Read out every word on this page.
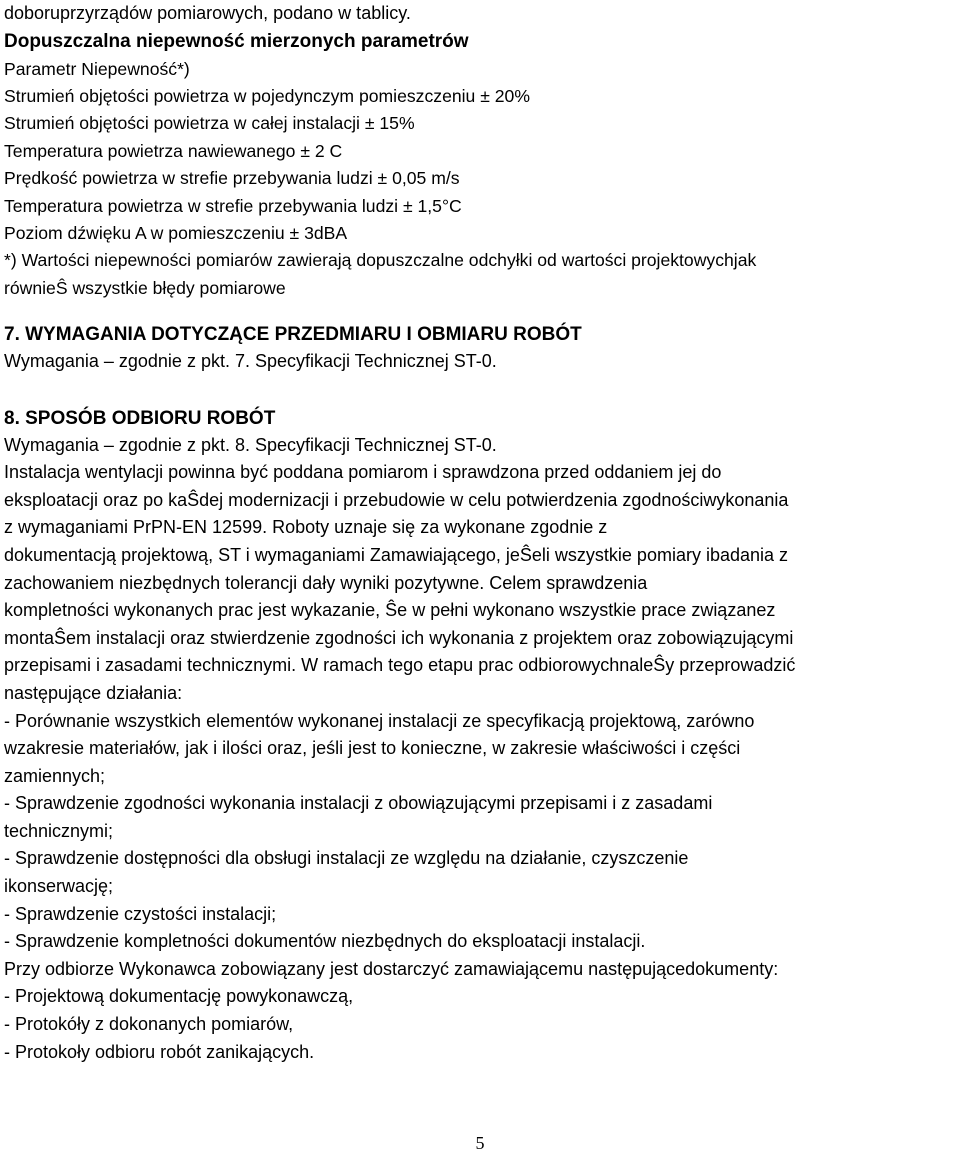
doboruprzyrządów pomiarowych, podano w tablicy.
Dopuszczalna niepewność mierzonych parametrów
Parametr Niepewność*)
Strumień objętości powietrza w pojedynczym pomieszczeniu ± 20%
Strumień objętości powietrza w całej instalacji ± 15%
Temperatura powietrza nawiewanego ± 2 C
Prędkość powietrza w strefie przebywania ludzi ± 0,05 m/s
Temperatura powietrza w strefie przebywania ludzi ± 1,5°C
Poziom dźwięku A w pomieszczeniu ± 3dBA
*) Wartości niepewności pomiarów zawierają dopuszczalne odchyłki od wartości projektowychjak
równieŜ wszystkie błędy pomiarowe
7. WYMAGANIA DOTYCZĄCE PRZEDMIARU I OBMIARU ROBÓT
Wymagania – zgodnie z pkt. 7. Specyfikacji Technicznej ST-0.
8. SPOSÓB ODBIORU ROBÓT
Wymagania – zgodnie z pkt. 8. Specyfikacji Technicznej ST-0.
Instalacja wentylacji powinna być poddana pomiarom i sprawdzona przed oddaniem jej do
eksploatacji oraz po kaŜdej modernizacji i przebudowie w celu potwierdzenia zgodnościwykonania
z wymaganiami PrPN-EN 12599. Roboty uznaje się za wykonane zgodnie z
dokumentacją projektową, ST i wymaganiami Zamawiającego, jeŜeli wszystkie pomiary ibadania z
zachowaniem niezbędnych tolerancji dały wyniki pozytywne. Celem sprawdzenia
kompletności wykonanych prac jest wykazanie, Ŝe w pełni wykonano wszystkie prace związanez
montaŜem instalacji oraz stwierdzenie zgodności ich wykonania z projektem oraz zobowiązującymi
przepisami i zasadami technicznymi. W ramach tego etapu prac odbiorowychnaleŜy przeprowadzić
następujące działania:
- Porównanie wszystkich elementów wykonanej instalacji ze specyfikacją projektową, zarówno
wzakresie materiałów, jak i ilości oraz, jeśli jest to konieczne, w zakresie właściwości i części
zamiennych;
- Sprawdzenie zgodności wykonania instalacji z obowiązującymi przepisami i z zasadami
technicznymi;
- Sprawdzenie dostępności dla obsługi instalacji ze względu na działanie, czyszczenie
ikonserwację;
- Sprawdzenie czystości instalacji;
- Sprawdzenie kompletności dokumentów niezbędnych do eksploatacji instalacji.
Przy odbiorze Wykonawca zobowiązany jest dostarczyć zamawiającemu następującedokumenty:
- Projektową dokumentację powykonawczą,
- Protokóły z dokonanych pomiarów,
- Protokoły odbioru robót zanikających.
5
